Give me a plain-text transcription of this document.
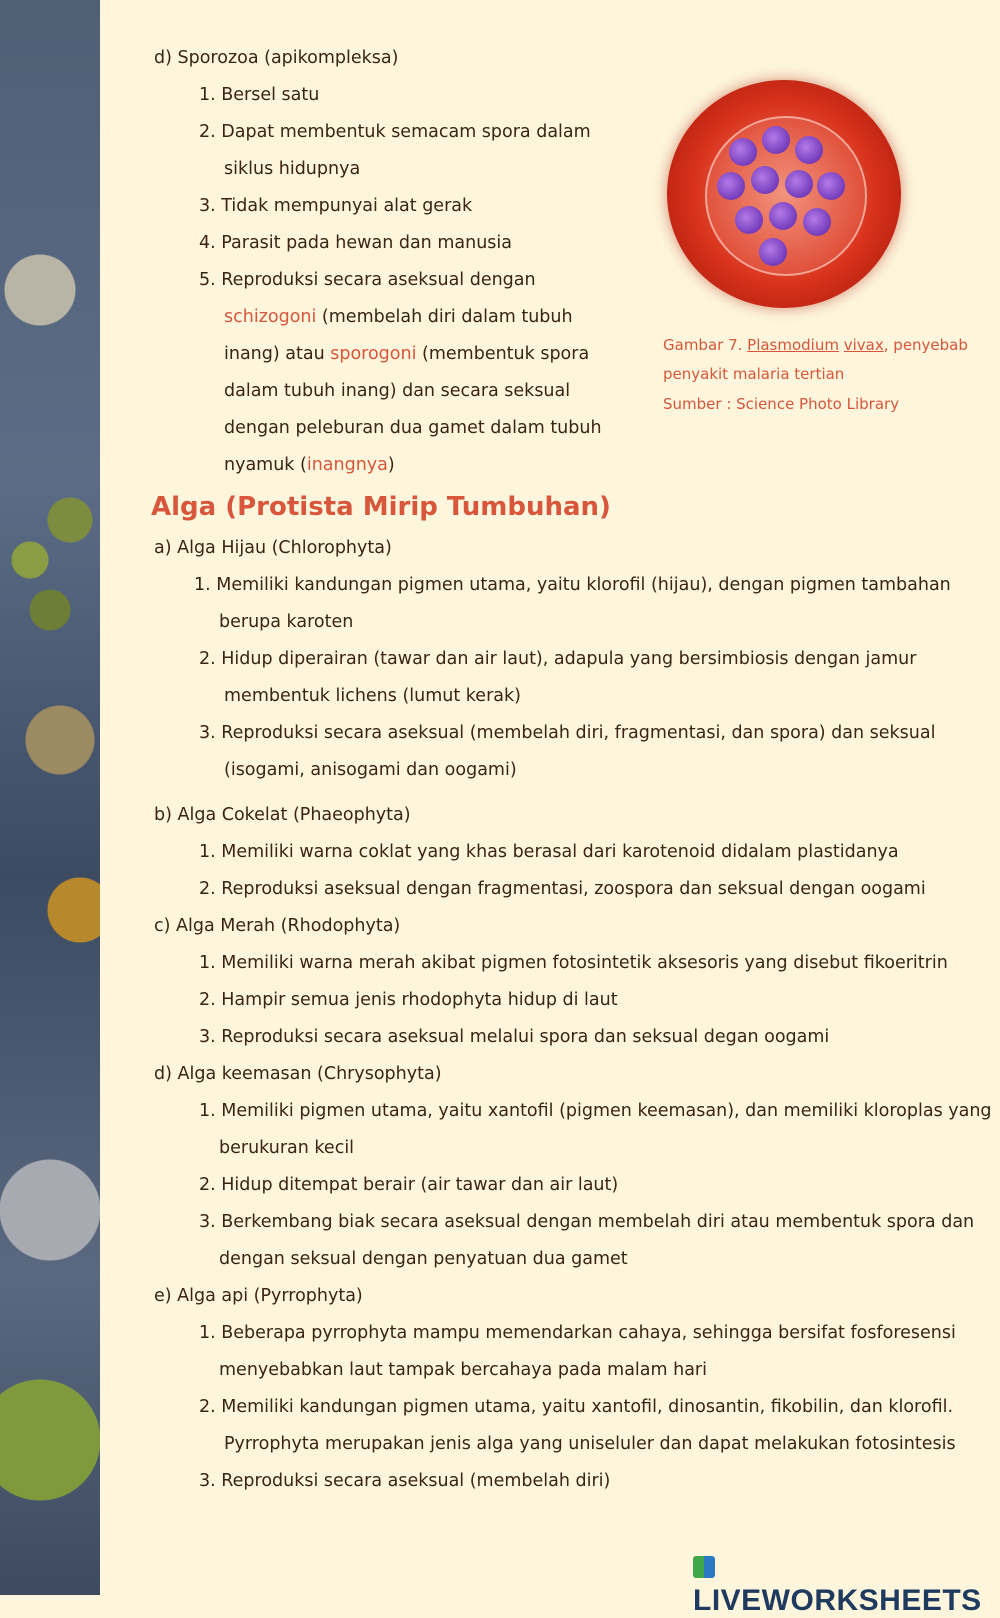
d) Sporozoa (apikompleksa)

1. Bersel satu

2. Dapat membentuk semacam spora dalam

siklus hidupnya

3. Tidak mempunyai alat gerak

4. Parasit pada hewan dan manusia

5. Reproduksi secara aseksual dengan

schizogoni (membelah diri dalam tubuh

inang) atau sporogoni (membentuk spora

dalam tubuh inang) dan secara seksual

dengan peleburan dua gamet dalam tubuh

nyamuk (inangnya)

Gambar 7. Plasmodium vivax, penyebab
penyakit malaria tertian
Sumber : Science Photo Library

Alga (Protista Mirip Tumbuhan)

a) Alga Hijau (Chlorophyta)

1. Memiliki kandungan pigmen utama, yaitu klorofil (hijau), dengan pigmen tambahan

berupa karoten

2. Hidup diperairan (tawar dan air laut), adapula yang bersimbiosis dengan jamur

membentuk lichens (lumut kerak)

3. Reproduksi secara aseksual (membelah diri, fragmentasi, dan spora) dan seksual

(isogami, anisogami dan oogami)

b) Alga Cokelat (Phaeophyta)

1. Memiliki warna coklat yang khas berasal dari karotenoid didalam plastidanya

2. Reproduksi aseksual dengan fragmentasi, zoospora dan seksual dengan oogami

c) Alga Merah (Rhodophyta)

1. Memiliki warna merah akibat pigmen fotosintetik aksesoris yang disebut fikoeritrin

2. Hampir semua jenis rhodophyta hidup di laut

3. Reproduksi secara aseksual melalui spora dan seksual degan oogami

d) Alga keemasan (Chrysophyta)

1. Memiliki pigmen utama, yaitu xantofil (pigmen keemasan), dan memiliki kloroplas yang

berukuran kecil

2. Hidup ditempat berair (air tawar dan air laut)

3. Berkembang biak secara aseksual dengan membelah diri atau membentuk spora dan

dengan seksual dengan penyatuan dua gamet

e) Alga api (Pyrrophyta)

1. Beberapa pyrrophyta mampu memendarkan cahaya, sehingga bersifat fosforesensi

menyebabkan laut tampak bercahaya pada malam hari

2. Memiliki kandungan pigmen utama, yaitu xantofil, dinosantin, fikobilin, dan klorofil.

Pyrrophyta merupakan jenis alga yang uniseluler dan dapat melakukan fotosintesis

3. Reproduksi secara aseksual (membelah diri)

LIVEWORKSHEETS
